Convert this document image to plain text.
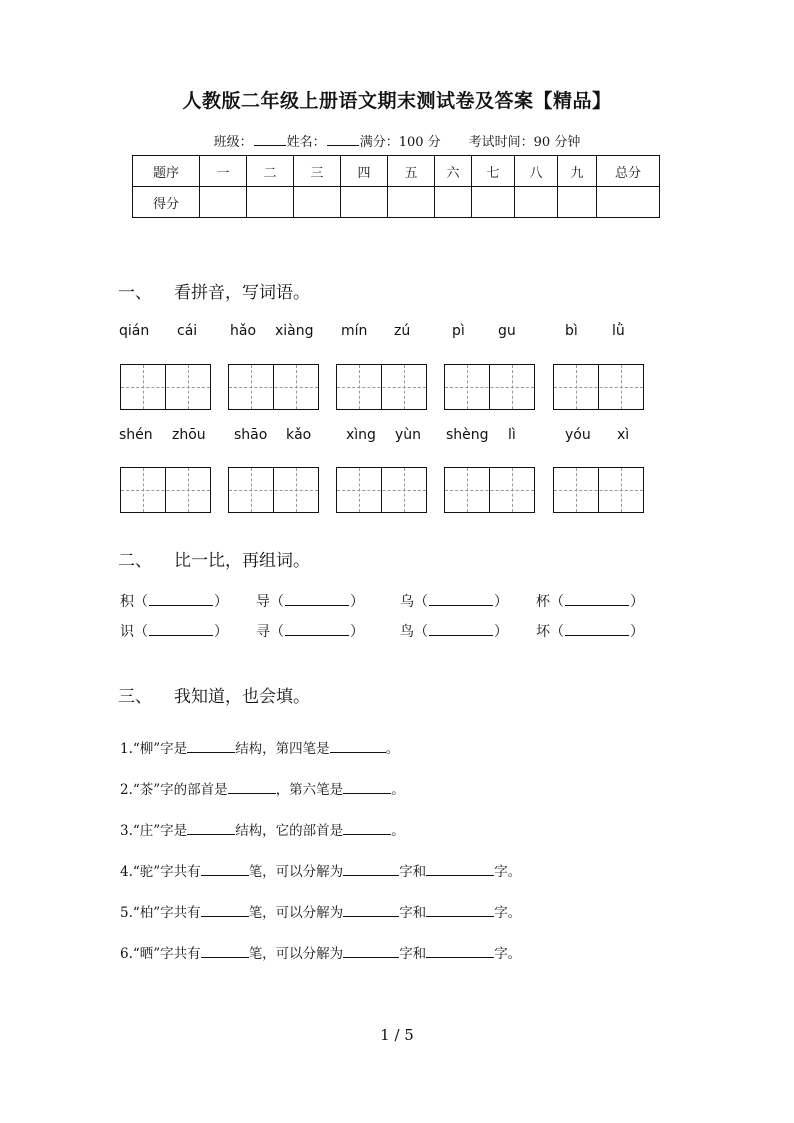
人教版二年级上册语文期末测试卷及答案【精品】
班级：	姓名：	满分：100 分 考试时间：90 分钟
题序	一	二	三	四	五	六	七	八	九	总分
得分										
一、 看拼音，写词语。
qián cái hǎo xiàng mín zú	pì gu	bì lǜ
shén zhōu shāo kǎo xìng yùn shèng lì	yóu xì
二、 比一比，再组词。
积（	） 导（	）	乌（	） 杯（	）
识（	） 寻（	）	鸟（	） 坏（	）
三、 我知道，也会填。
1.“柳”字是	结构，第四笔是	。
2.“茶”字的部首是	，第六笔是	。
3.“庄”字是	结构，它的部首是	。
4.“驼”字共有	笔，可以分解为	字和	字。
5.“柏”字共有	笔，可以分解为	字和	字。
6.“晒”字共有	笔，可以分解为	字和	字。
1 / 5
